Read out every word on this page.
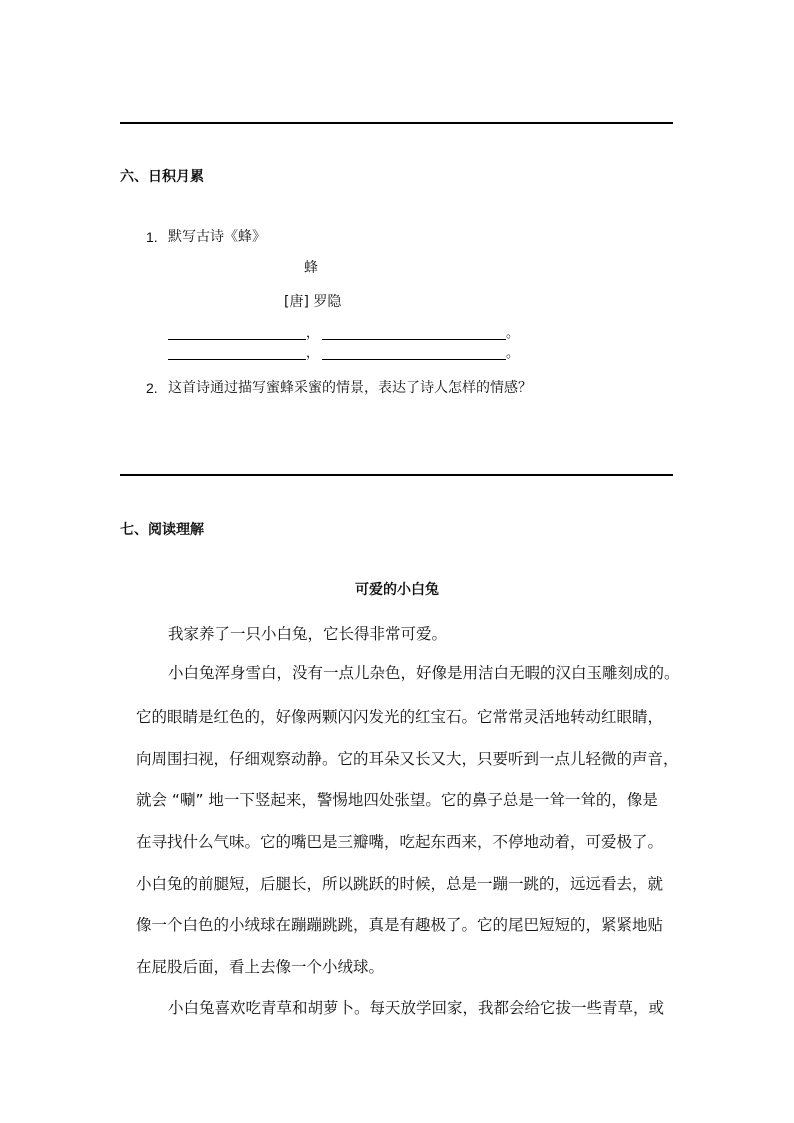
六、日积月累
1. 默写古诗《蜂》
蜂
[唐] 罗隐
，	。
，	。
2. 这首诗通过描写蜜蜂采蜜的情景，表达了诗人怎样的情感？
七、阅读理解
可爱的小白兔
我家养了一只小白兔，它长得非常可爱。
小白兔浑身雪白，没有一点儿杂色，好像是用洁白无暇的汉白玉雕刻成的。
它的眼睛是红色的，好像两颗闪闪发光的红宝石。它常常灵活地转动红眼睛，
向周围扫视，仔细观察动静。它的耳朵又长又大，只要听到一点儿轻微的声音，
就会 “唰” 地一下竖起来，警惕地四处张望。它的鼻子总是一耸一耸的，像是
在寻找什么气味。它的嘴巴是三瓣嘴，吃起东西来，不停地动着，可爱极了。
小白兔的前腿短，后腿长，所以跳跃的时候，总是一蹦一跳的，远远看去，就
像一个白色的小绒球在蹦蹦跳跳，真是有趣极了。它的尾巴短短的，紧紧地贴
在屁股后面，看上去像一个小绒球。
小白兔喜欢吃青草和胡萝卜。每天放学回家，我都会给它拔一些青草，或
